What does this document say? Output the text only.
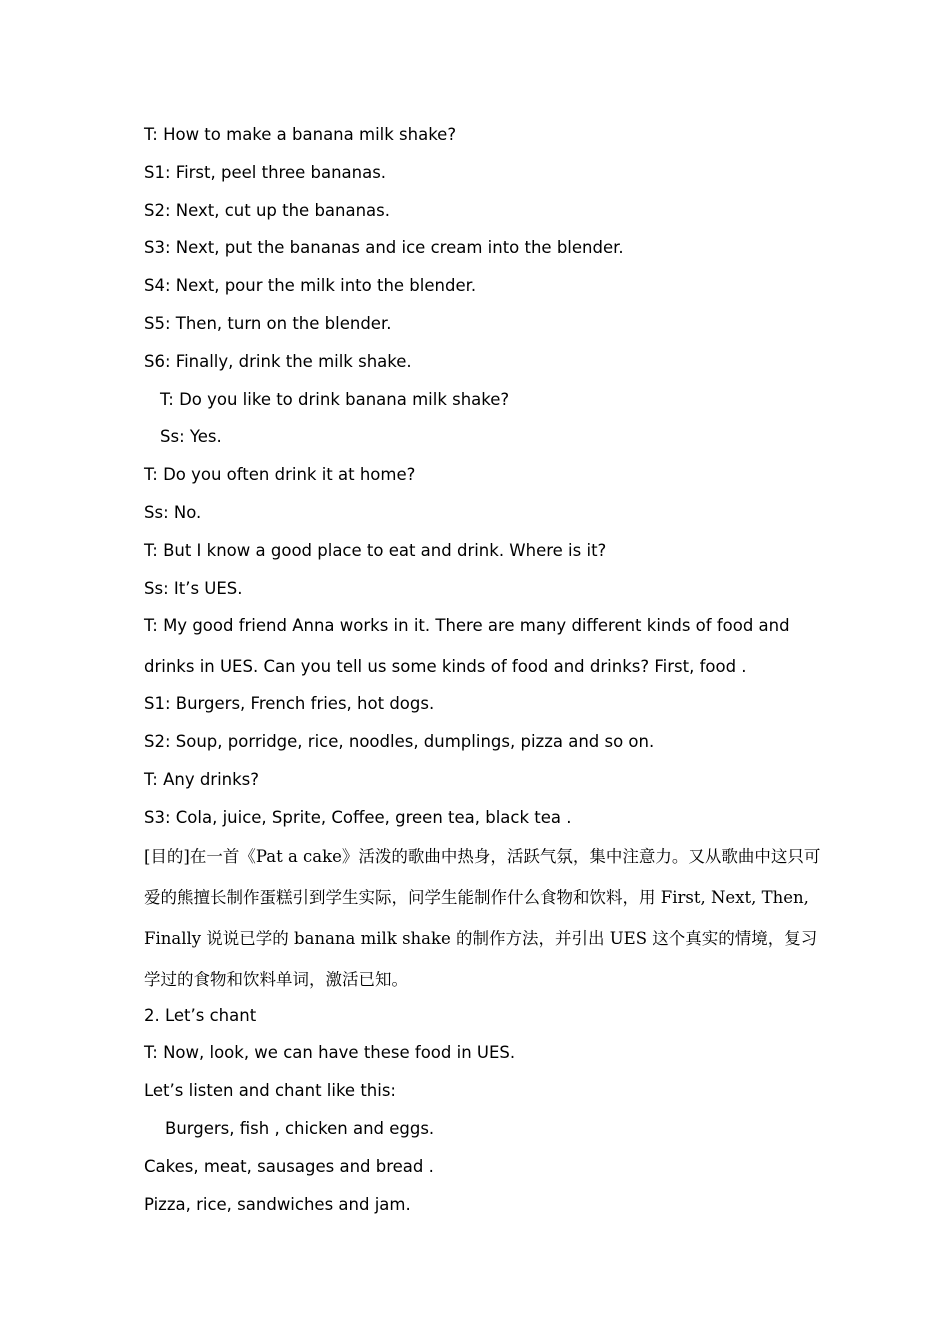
T: How to make a banana milk shake?
S1: First, peel three bananas.
S2: Next, cut up the bananas.
S3: Next, put the bananas and ice cream into the blender.
S4: Next, pour the milk into the blender.
S5: Then, turn on the blender.
S6: Finally, drink the milk shake.
T: Do you like to drink banana milk shake?
Ss: Yes.
T: Do you often drink it at home?
Ss: No.
T: But I know a good place to eat and drink. Where is it?
Ss: It’s UES.
T: My good friend Anna works in it. There are many different kinds of food and drinks in UES. Can you tell us some kinds of food and drinks? First, food .
S1: Burgers, French fries, hot dogs.
S2: Soup, porridge, rice, noodles, dumplings, pizza and so on.
T: Any drinks?
S3: Cola, juice, Sprite, Coffee, green tea, black tea .
[目的]在一首《Pat a cake》活泼的歌曲中热身，活跃气氛，集中注意力。又从歌曲中这只可爱的熊擅长制作蛋糕引到学生实际，问学生能制作什么食物和饮料，用 First, Next, Then, Finally 说说已学的 banana milk shake 的制作方法，并引出 UES 这个真实的情境，复习学过的食物和饮料单词，激活已知。
2. Let’s chant
T: Now, look, we can have these food in UES.
Let’s listen and chant like this:
Burgers, fish , chicken and eggs.
Cakes, meat, sausages and bread .
Pizza, rice, sandwiches and jam.
